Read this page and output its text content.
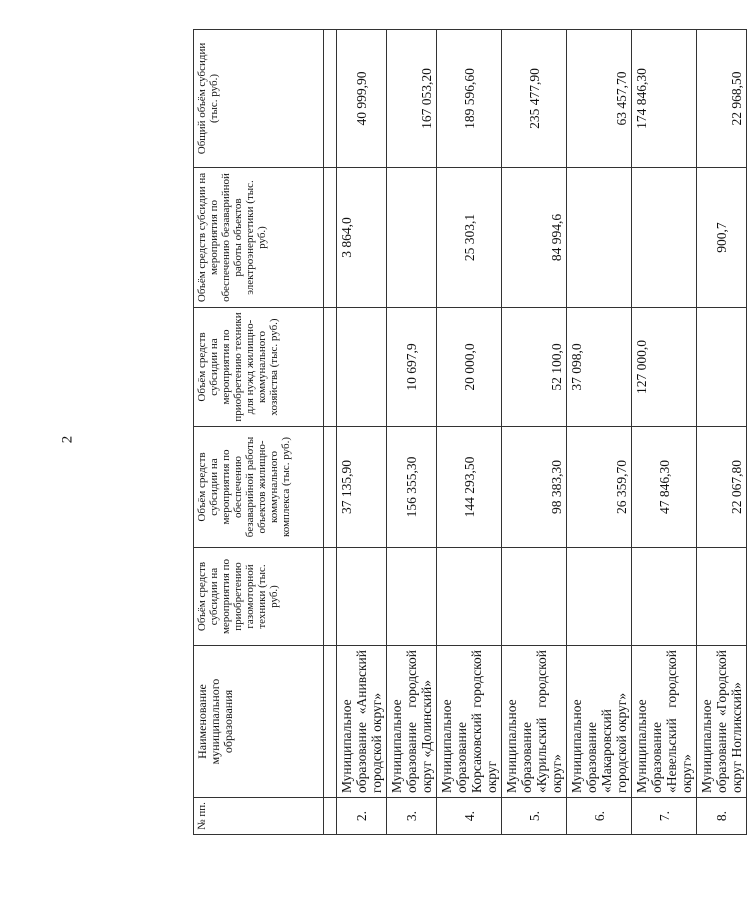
2
№ пп.	Наименование муниципального образования	Объём средств субсидии на мероприятия по приобретению газомоторной техники (тыс. руб.)	Объём средств субсидии на мероприятия по обеспечению безаварийной работы объектов жилищно-коммунального комплекса (тыс. руб.)	Объём средств субсидии на мероприятия по приобретению техники для нужд жилищно-коммунального хозяйства (тыс. руб.)	Объём средств субсидии на мероприятия по обеспечению безаварийной работы объектов электроэнергетики (тыс. руб.)	Общий объём субсидии (тыс. руб.)

2.	Муниципальное образование «Анивский городской округ»		37 135,90		3 864,0	40 999,90
3.	Муниципальное образование городской округ «Долинский»		156 355,30	10 697,9		167 053,20
4.	Муниципальное образование Корсаковский городской округ		144 293,50	20 000,0	25 303,1	189 596,60
5.	Муниципальное образование «Курильский городской округ»		98 383,30	52 100,0	84 994,6	235 477,90
6.	Муниципальное образование «Макаровский городской округ»		26 359,70	37 098,0		63 457,70
7.	Муниципальное образование «Невельский городской округ»		47 846,30	127 000,0		174 846,30
8.	Муниципальное образование «Городской округ Ногликский»		22 067,80		900,7	22 968,50
